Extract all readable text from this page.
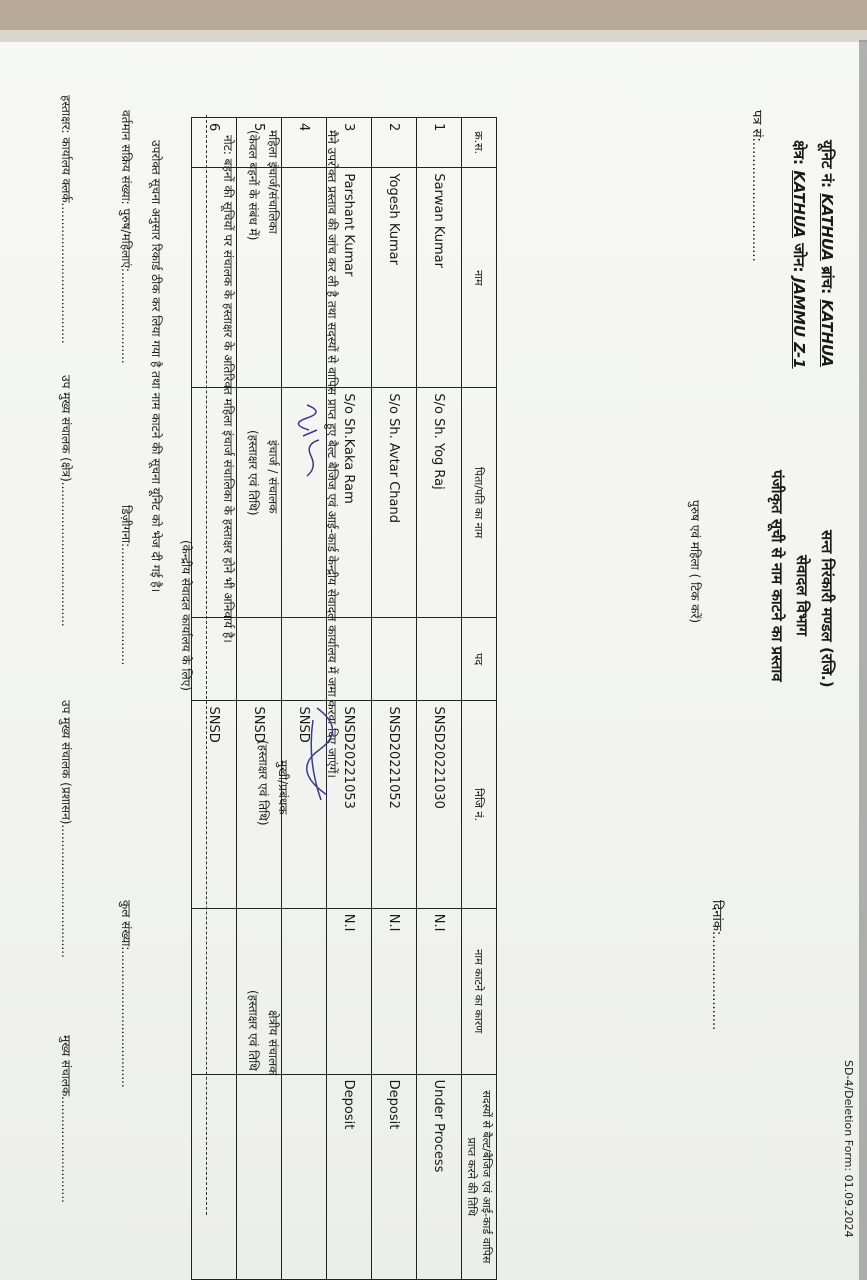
SD-4/Deletion Form: 01.09.2024
सन्त निरंकारी मण्डल (रजि.)
सेवादल विभाग
पंजीकृत सूची से नाम काटने का प्रस्ताव
यूनिट नं: KATHUA ब्रांच: KATHUA
क्षेत्र: KATHUA जोन: JAMMU Z-1
पत्र सं:.............................
दिनांक:.......................
पुरुष एवं महिला ( टिक करें)
क्र.स.	नाम	पिता/पति का नाम	पद	निजि नं.	नाम काटने का कारण	सदस्यों से बैल्ट/बैजिज एवं आई-कार्ड वापिस प्राप्त करने की तिथि
1	Sarwan Kumar	S/o Sh. Yog Raj		SNSD20221030	N.I	Under Process
2	Yogesh Kumar	S/o Sh. Avtar Chand		SNSD20221052	N.I	Deposit
3	Parshant Kumar	S/o Sh.Kaka Ram		SNSD20221053	N.I	Deposit
4				SNSD		
5				SNSD		
6				SNSD			मैने उपरोक्त प्रस्ताव की जांच कर ली है तथा सदस्यों से वापिस प्राप्त हुए बैल्ट बैजिज एवं आई-कार्ड केन्द्रीय सेवादल कार्यालय में जमा करवा दिए जाएंगें।
महिला इंचार्ज/संचालिका
(केवल बहनों के संबंध में)
इंचार्ज / संचालक
(हस्ताक्षर एवं तिथि)
मुखी/प्रबंधक
(हस्ताक्षर एवं तिथि)
क्षेत्रीय संचालक
(हस्ताक्षर एवं तिथि
नोट: बहनों की सूचियों पर संचालक के हस्ताक्षर के अतिरिक्त महिला इंचार्ज संचालिका के हस्ताक्षर होने भी अनिवार्य है।
(केन्द्रीय सेवादल कार्यालय के लिए)
उपरोक्त सूचना अनुसार रिकार्ड ठीक कर लिया गया है तथा नाम काटने की सूचना यूनिट को भेज दी गई है।
वर्तमान सक्रिय संख्या: पुरुष/महिलाएं:........................
डिज़ीगना:...............................
कुल संख्या:....................................
हस्ताक्षर: कार्यालय क्लर्क.....................................
उप मुख्य संचालक (क्षेत्र)......................................
उप मुख्य संचालक (प्रशासन)...................................
मुख्य संचालक............................
